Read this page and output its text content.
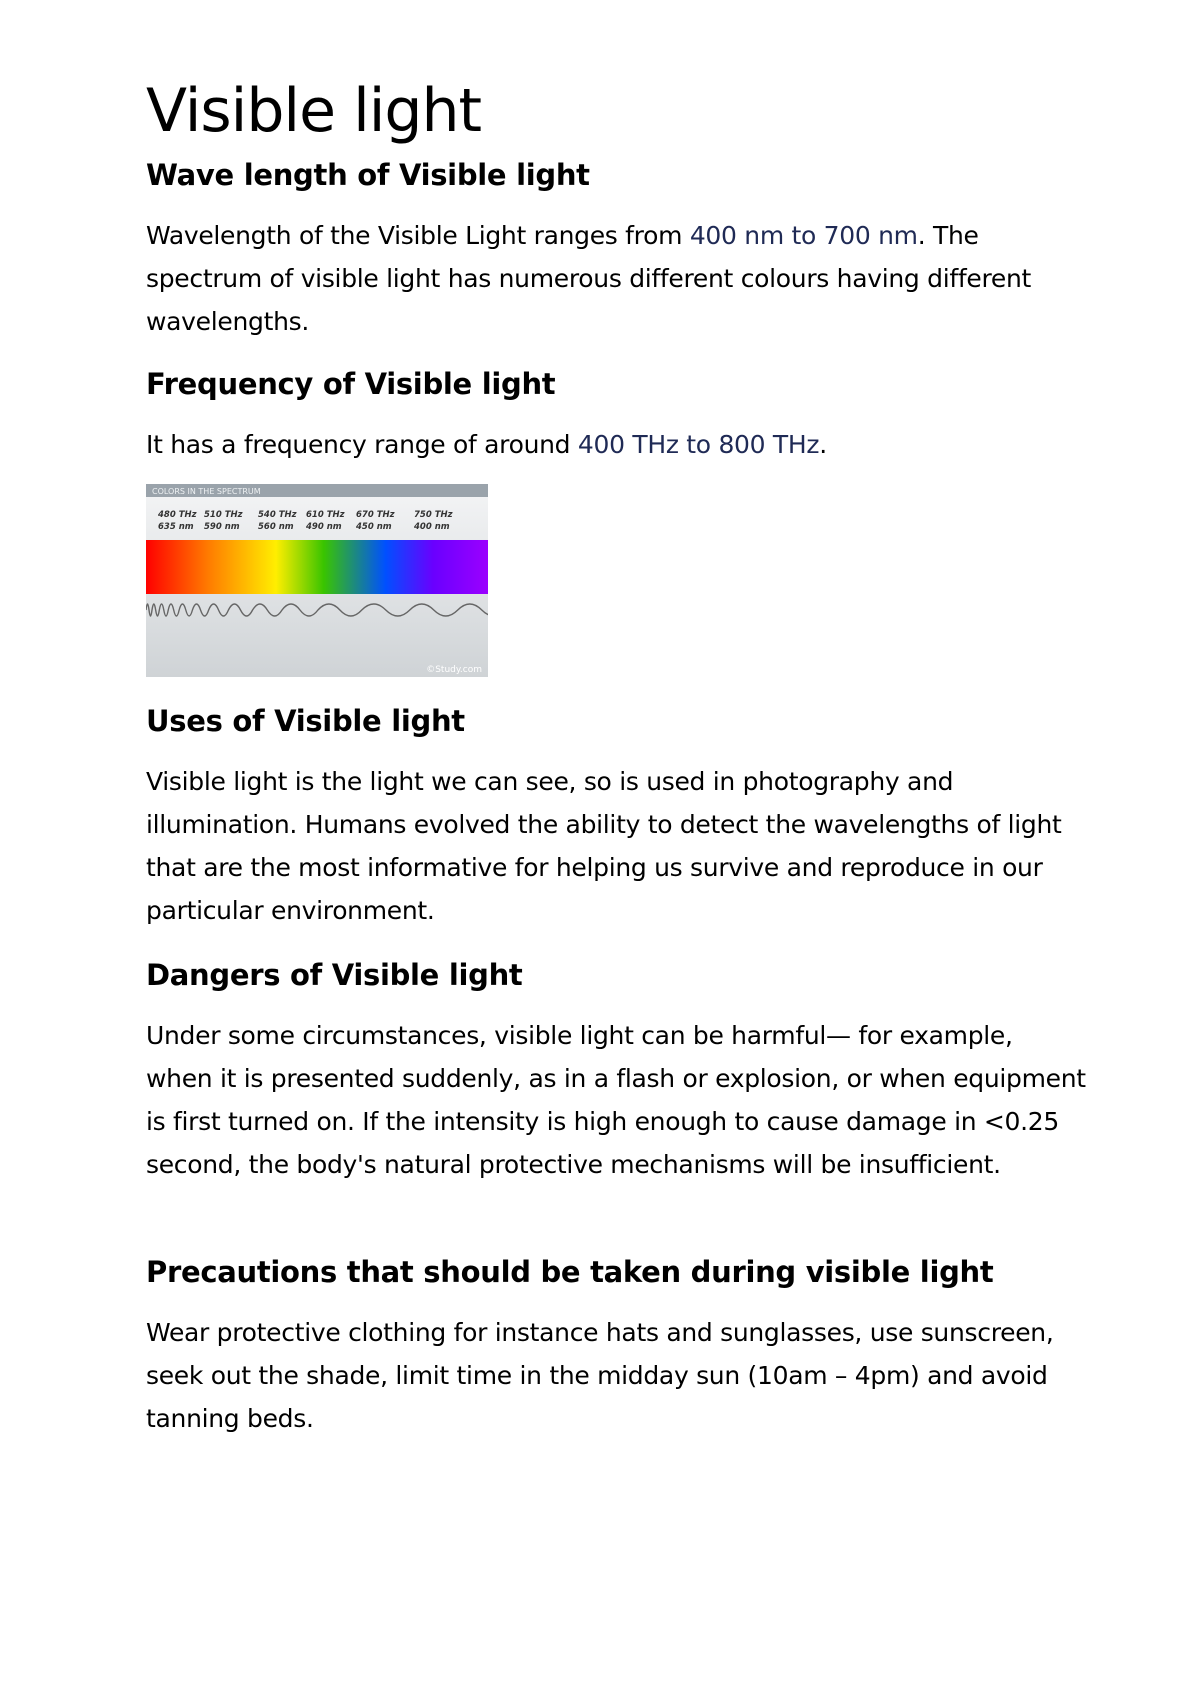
Visible light
Wave length of Visible light

Wavelength of the Visible Light ranges from 400 nm to 700 nm. The spectrum of visible light has numerous different colours having different wavelengths.

Frequency of Visible light

It has a frequency range of around 400 THz to 800 THz.

COLORS IN THE SPECTRUM
480 THz
635 nm
510 THz
590 nm
540 THz
560 nm
610 THz
490 nm
670 THz
450 nm
750 THz
400 nm
©Study.com
Uses of Visible light

Visible light is the light we can see, so is used in photography and illumination. Humans evolved the ability to detect the wavelengths of light that are the most informative for helping us survive and reproduce in our particular environment.

Dangers of Visible light

Under some circumstances, visible light can be harmful— for example, when it is presented suddenly, as in a flash or explosion, or when equipment is first turned on. If the intensity is high enough to cause damage in <0.25 second, the body's natural protective mechanisms will be insufficient.

Precautions that should be taken during visible light

Wear protective clothing for instance hats and sunglasses, use sunscreen, seek out the shade, limit time in the midday sun (10am – 4pm) and avoid tanning beds.
